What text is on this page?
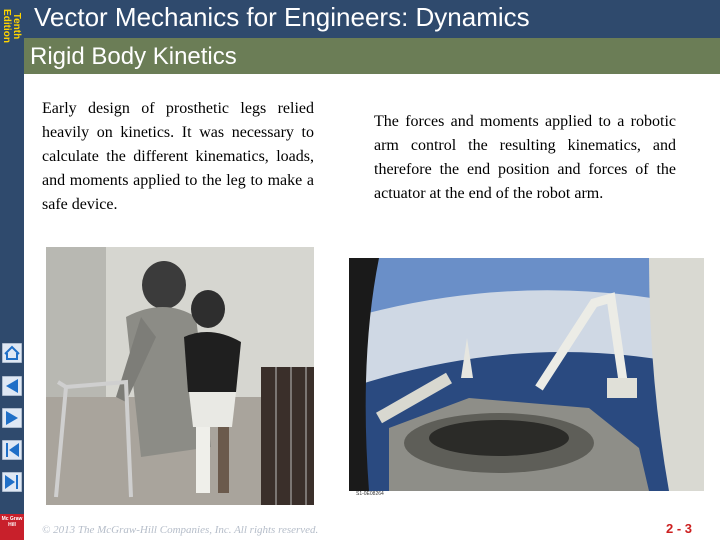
Tenth Edition Vector Mechanics for Engineers: Dynamics
Rigid Body Kinetics
Early design of prosthetic legs relied heavily on kinetics. It was necessary to calculate the different kinematics, loads, and moments applied to the leg to make a safe device.
The forces and moments applied to a robotic arm control the resulting kinematics, and therefore the end position and forces of the actuator at the end of the robot arm.
S1-0E08264
© 2013 The McGraw-Hill Companies, Inc. All rights reserved.	2 - 3
Mc Graw Hill
